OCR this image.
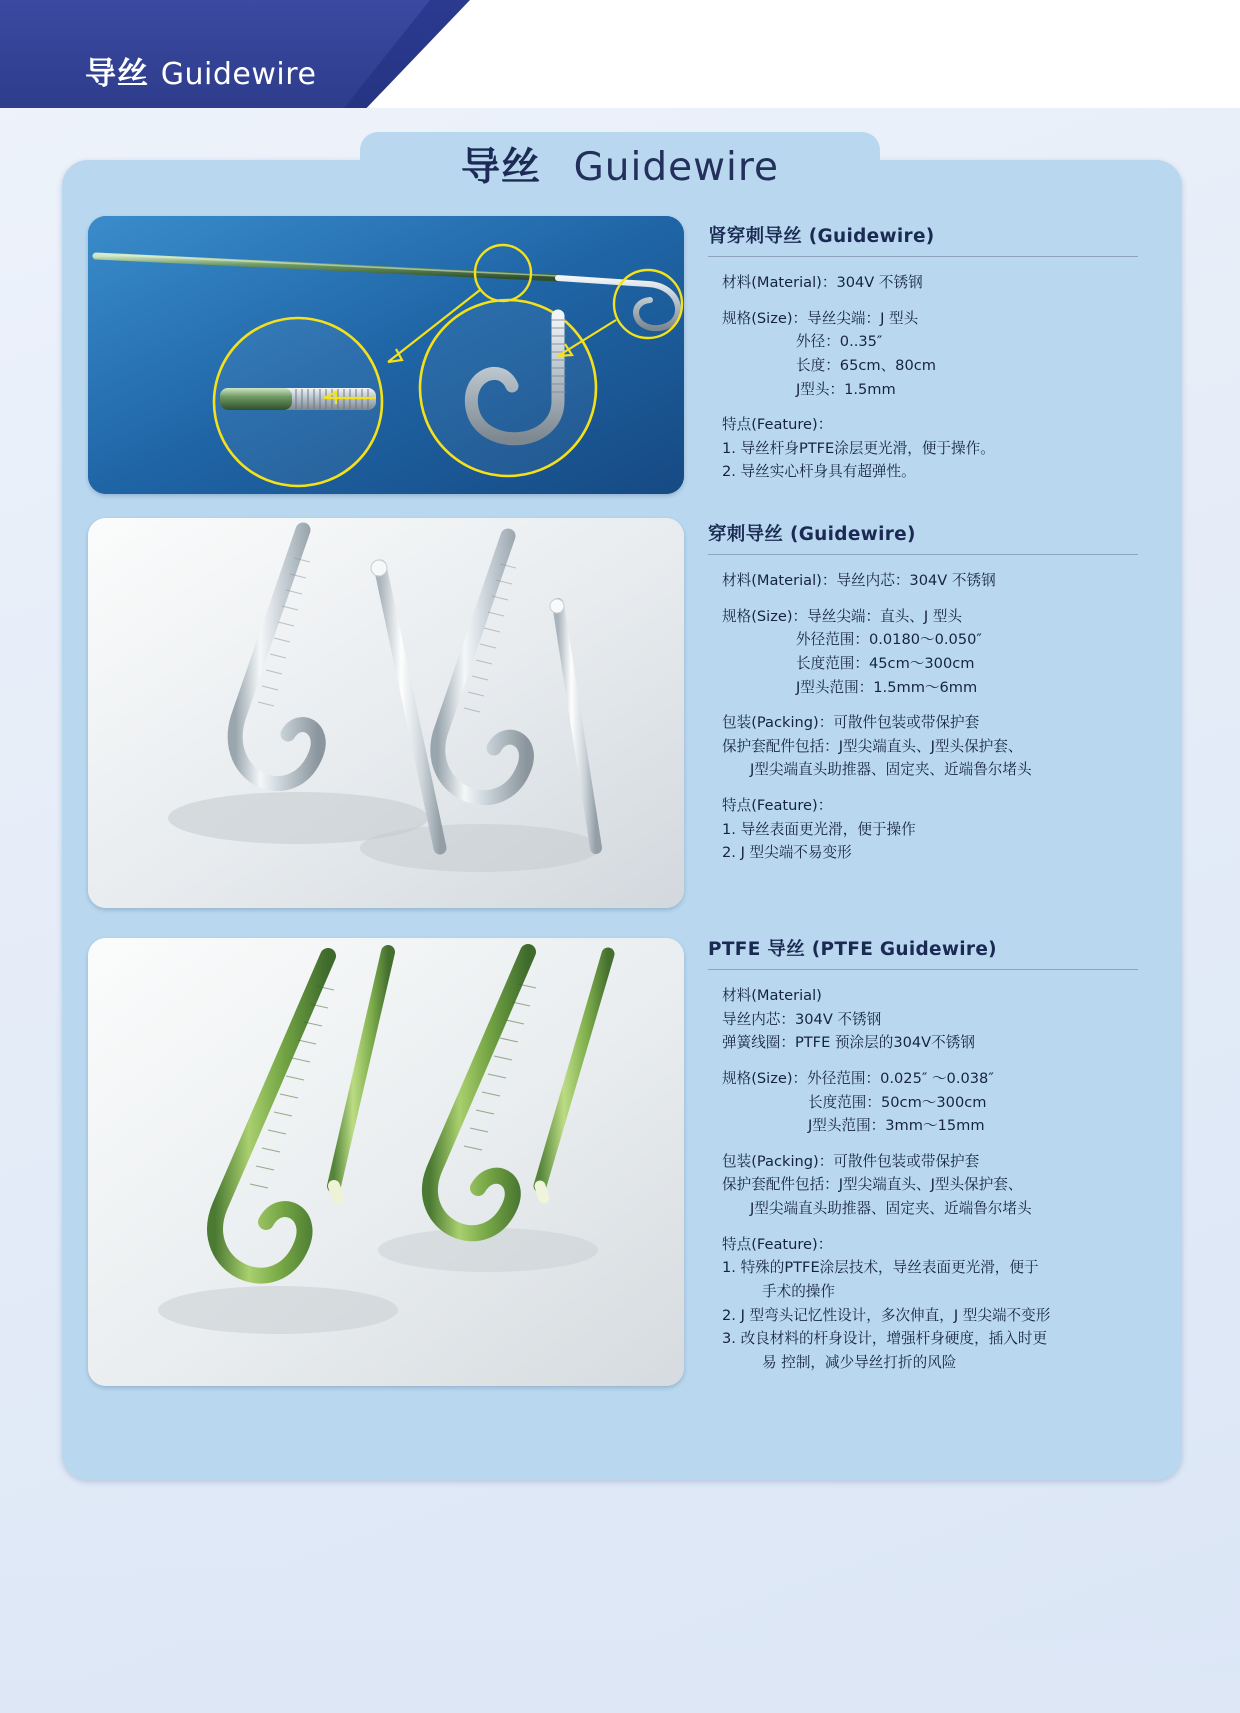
导丝 Guidewire
导丝 Guidewire
肾穿刺导丝 (Guidewire)

材料(Material)：304V 不锈钢

规格(Size)：导丝尖端：J 型头

外径：0..35″

长度：65cm、80cm

J型头：1.5mm

特点(Feature)：

1. 导丝杆身PTFE涂层更光滑，便于操作。

2. 导丝实心杆身具有超弹性。

穿刺导丝 (Guidewire)

材料(Material)：导丝内芯：304V 不锈钢

规格(Size)：导丝尖端：直头、J 型头

外径范围：0.0180～0.050″

长度范围：45cm～300cm

J型头范围：1.5mm～6mm

包装(Packing)：可散件包装或带保护套

保护套配件包括：J型尖端直头、J型头保护套、

J型尖端直头助推器、固定夹、近端鲁尔堵头

特点(Feature)：

1. 导丝表面更光滑，便于操作

2. J 型尖端不易变形

PTFE 导丝 (PTFE Guidewire)

材料(Material)

导丝内芯：304V 不锈钢

弹簧线圈：PTFE 预涂层的304V不锈钢

规格(Size)：外径范围：0.025″ ～0.038″

长度范围：50cm～300cm

J型头范围：3mm～15mm

包装(Packing)：可散件包装或带保护套

保护套配件包括：J型尖端直头、J型头保护套、

J型尖端直头助推器、固定夹、近端鲁尔堵头

特点(Feature)：

1. 特殊的PTFE涂层技术，导丝表面更光滑，便于

手术的操作

2. J 型弯头记忆性设计，多次伸直，J 型尖端不变形

3. 改良材料的杆身设计，增强杆身硬度，插入时更

易 控制，减少导丝打折的风险
